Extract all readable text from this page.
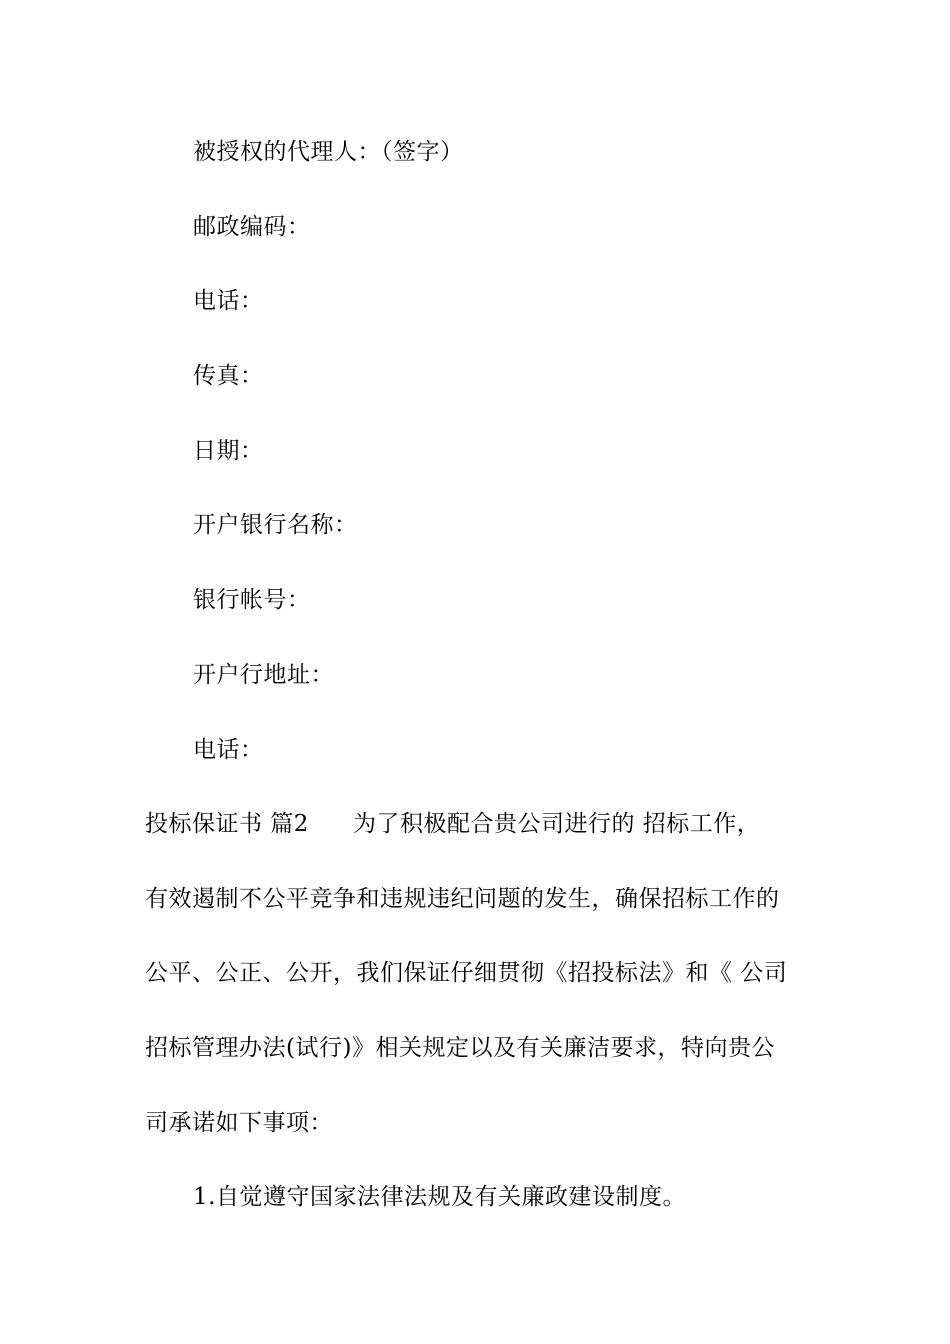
被授权的代理人：（签字）
邮政编码：
电话：
传真：
日期：
开户银行名称：
银行帐号：
开户行地址：
电话：
投标保证书 篇2 为了积极配合贵公司进行的 招标工作，
有效遏制不公平竞争和违规违纪问题的发生，确保招标工作的
公平、公正、公开，我们保证仔细贯彻《招投标法》和《 公司
招标管理办法(试行)》相关规定以及有关廉洁要求，特向贵公
司承诺如下事项：
1.自觉遵守国家法律法规及有关廉政建设制度。
